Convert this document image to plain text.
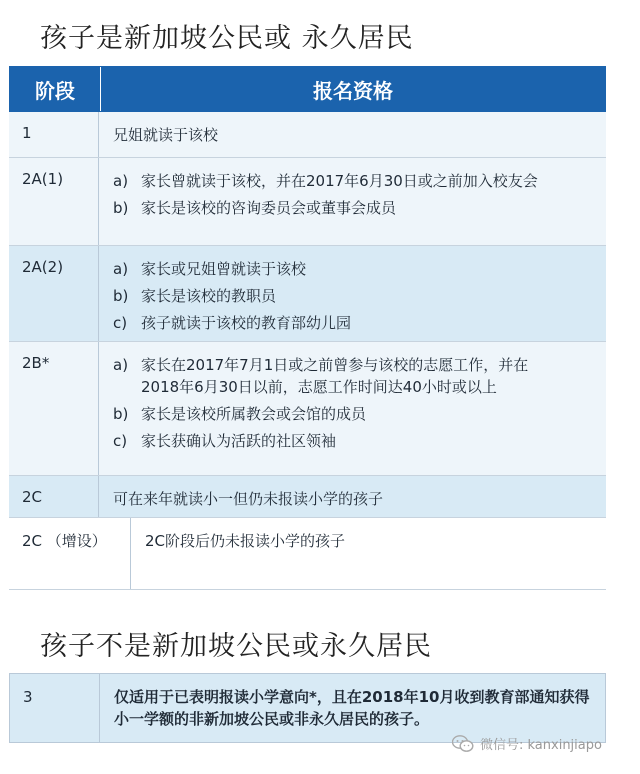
孩子是新加坡公民或 永久居民
阶段	报名资格
1	兄姐就读于该校
2A(1)	a) 家长曾就读于该校，并在2017年6月30日或之前加入校友会
b) 家长是该校的咨询委员会或董事会成员
2A(2)	a) 家长或兄姐曾就读于该校
b) 家长是该校的教职员
c) 孩子就读于该校的教育部幼儿园
2B*	a) 家长在2017年7月1日或之前曾参与该校的志愿工作，并在2018年6月30日以前，志愿工作时间达40小时或以上
b) 家长是该校所属教会或会馆的成员
c) 家长获确认为活跃的社区领袖
2C	可在来年就读小一但仍未报读小学的孩子
2C （增设）	2C阶段后仍未报读小学的孩子
孩子不是新加坡公民或永久居民
3	仅适用于已表明报读小学意向*，且在2018年10月收到教育部通知获得小一学额的非新加坡公民或非永久居民的孩子。
微信号: kanxinjiapo
